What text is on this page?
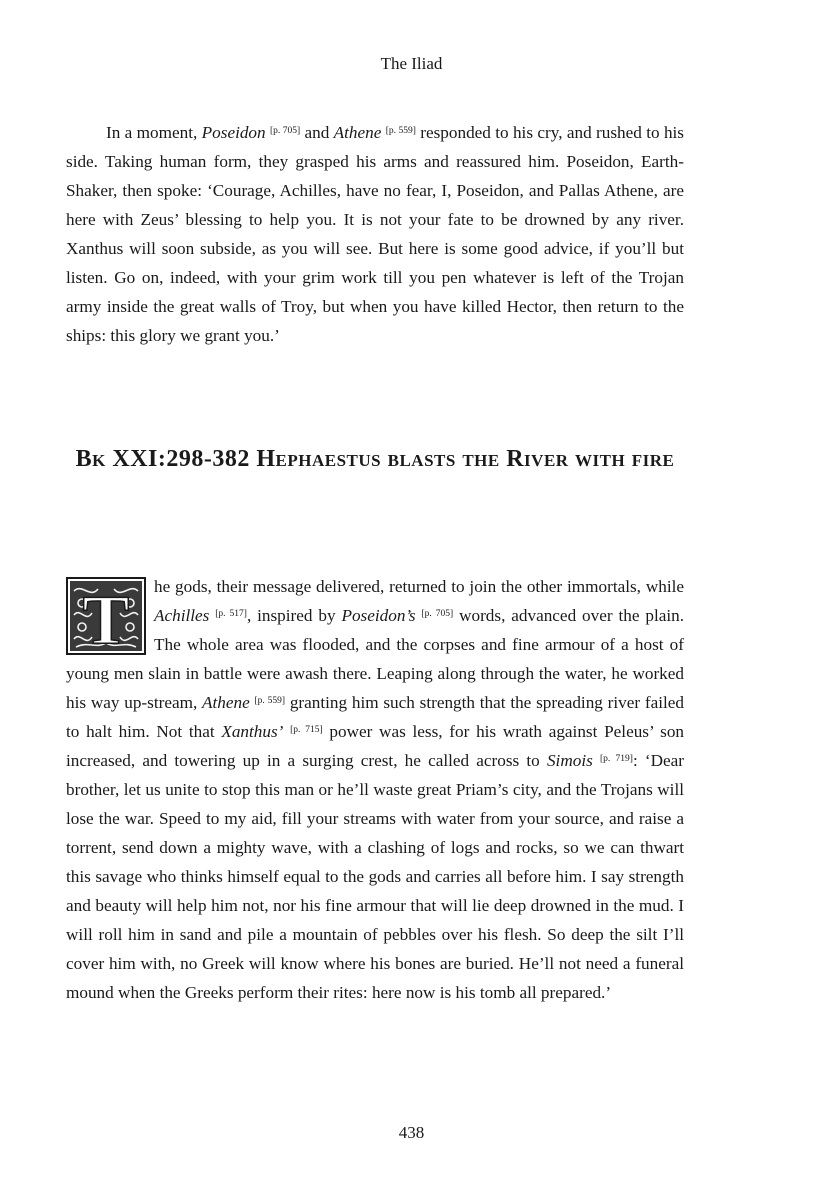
The Iliad

In a moment, Poseidon [p. 705] and Athene [p. 559] responded to his cry, and rushed to his side. Taking human form, they grasped his arms and reassured him. Poseidon, Earth-Shaker, then spoke: ‘Courage, Achilles, have no fear, I, Poseidon, and Pallas Athene, are here with Zeus’ blessing to help you. It is not your fate to be drowned by any river. Xanthus will soon subside, as you will see. But here is some good advice, if you’ll but listen. Go on, indeed, with your grim work till you pen whatever is left of the Trojan army inside the great walls of Troy, but when you have killed Hector, then return to the ships: this glory we grant you.’

Bk XXI:298-382 Hephaestus blasts the River with fire

T he gods, their message delivered, returned to join the other immortals, while Achilles [p. 517], inspired by Poseidon’s [p. 705] words, advanced over the plain. The whole area was flooded, and the corpses and fine armour of a host of young men slain in battle were awash there. Leaping along through the water, he worked his way up-stream, Athene [p. 559] granting him such strength that the spreading river failed to halt him. Not that Xanthus’ [p. 715] power was less, for his wrath against Peleus’ son increased, and towering up in a surging crest, he called across to Simois [p. 719]: ‘Dear brother, let us unite to stop this man or he’ll waste great Priam’s city, and the Trojans will lose the war. Speed to my aid, fill your streams with water from your source, and raise a torrent, send down a mighty wave, with a clashing of logs and rocks, so we can thwart this savage who thinks himself equal to the gods and carries all before him. I say strength and beauty will help him not, nor his fine armour that will lie deep drowned in the mud. I will roll him in sand and pile a mountain of pebbles over his flesh. So deep the silt I’ll cover him with, no Greek will know where his bones are buried. He’ll not need a funeral mound when the Greeks perform their rites: here now is his tomb all prepared.’

438
